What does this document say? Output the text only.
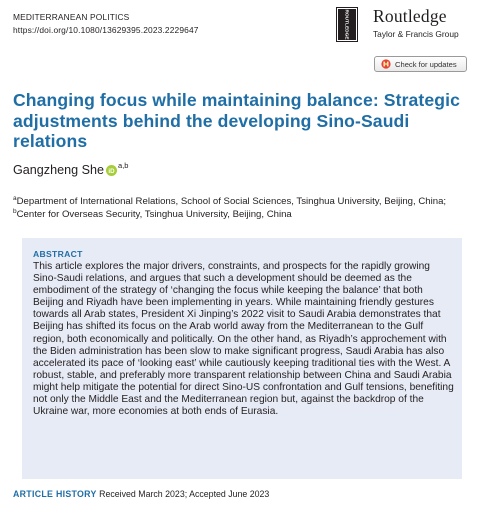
MEDITERRANEAN POLITICS
https://doi.org/10.1080/13629395.2023.2229647	ROUTLEDGE Routledge
Taylor & Francis Group
Check for updates
Changing focus while maintaining balance: Strategic adjustments behind the developing Sino-Saudi relations
Gangzheng She iD
$^{a,b}$
$^a$Department of International Relations, School of Social Sciences, Tsinghua University, Beijing, China; $^b$Center for Overseas Security, Tsinghua University, Beijing, China
ABSTRACT

This article explores the major drivers, constraints, and prospects for the rapidly growing Sino-Saudi relations, and argues that such a development should be deemed as the embodiment of the strategy of ‘changing the focus while keeping the balance’ that both Beijing and Riyadh have been implementing in years. While maintaining friendly gestures towards all Arab states, President Xi Jinping’s 2022 visit to Saudi Arabia demonstrates that Beijing has shifted its focus on the Arab world away from the Mediterranean to the Gulf region, both economically and politically. On the other hand, as Riyadh’s approchement with the Biden administration has been slow to make significant progress, Saudi Arabia has also accelerated its pace of ‘looking east’ while cautiously keeping traditional ties with the West. A robust, stable, and preferably more transparent relationship between China and Saudi Arabia might help mitigate the potential for direct Sino-US confrontation and Gulf tensions, benefiting not only the Middle East and the Mediterranean region but, against the backdrop of the Ukraine war, more economies at both ends of Eurasia.

ARTICLE HISTORY Received March 2023; Accepted June 2023
